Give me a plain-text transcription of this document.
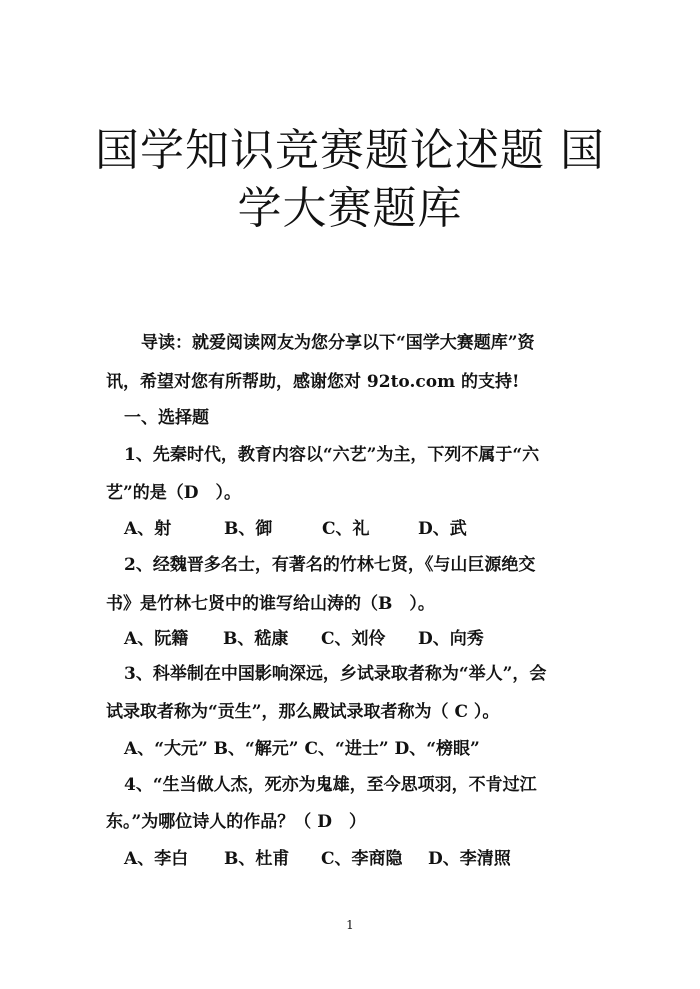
国学知识竞赛题论述题 国
学大赛题库
导读：就爱阅读网友为您分享以下“国学大赛题库”资
讯，希望对您有所帮助，感谢您对 92to.com 的支持!
一、选择题
1、先秦时代，教育内容以“六艺”为主，下列不属于“六
艺”的是（D　）。
A、射	B、御	C、礼	D、武
2、经魏晋多名士，有著名的竹林七贤，《与山巨源绝交
书》是竹林七贤中的谁写给山涛的（B　）。
A、阮籍 B、嵇康 C、刘伶 D、向秀
3、科举制在中国影响深远，乡试录取者称为“举人”，会
试录取者称为“贡生”，那么殿试录取者称为（ C ）。
A、“大元” B、“解元” C、“进士” D、“榜眼”
4、“生当做人杰，死亦为鬼雄，至今思项羽，不肯过江
东。”为哪位诗人的作品？（ D　）
A、李白 B、杜甫 C、李商隐 D、李清照
1
